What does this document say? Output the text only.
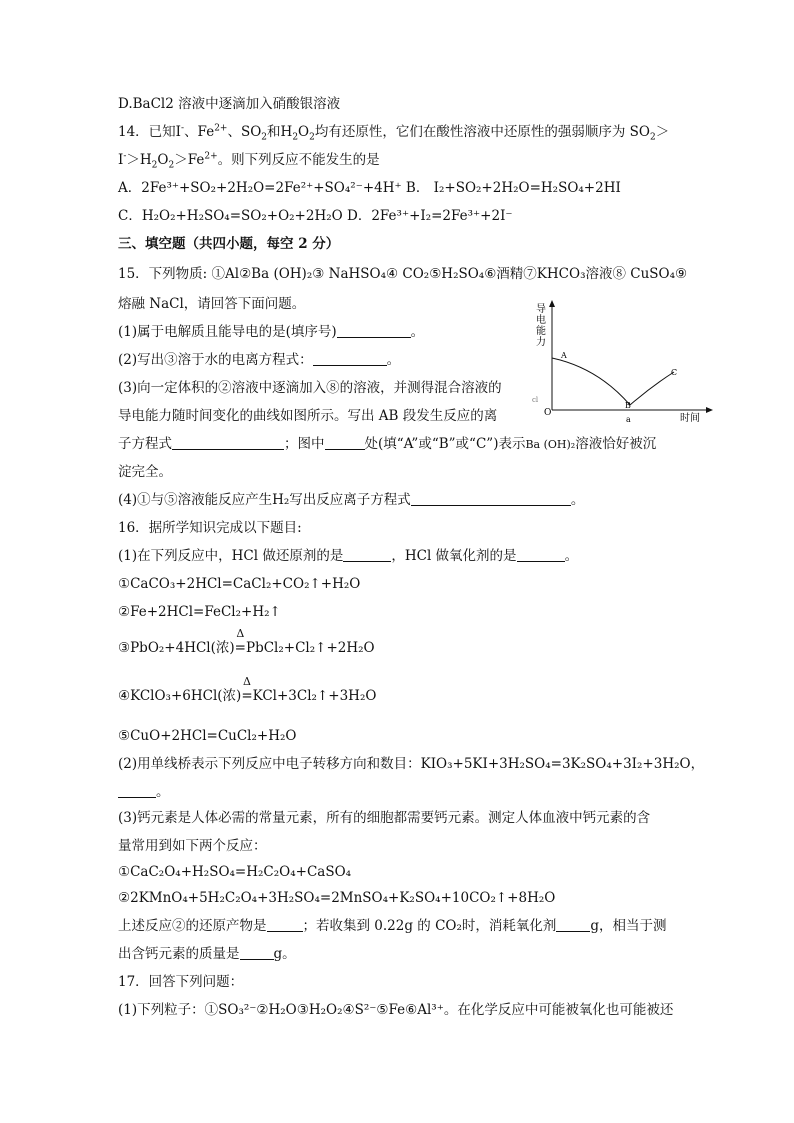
D.BaCl2 溶液中逐滴加入硝酸银溶液
14．已知I-、$Fe^{2+}$、$SO_2$和$H_2O_2$均有还原性，它们在酸性溶液中还原性的强弱顺序为 $SO_2>$
$I^->H_2O_2>Fe^{2+}$。则下列反应不能发生的是
A．2Fe³⁺+SO₂+2H₂O=2Fe²⁺+SO₄²⁻+4H⁺ B． I₂+SO₂+2H₂O=H₂SO₄+2HI
C．H₂O₂+H₂SO₄=SO₂+O₂+2H₂O D．2Fe³⁺+I₂=2Fe³⁺+2I⁻
三、填空题（共四小题，每空 2 分）
15．下列物质: ①Al②Ba (OH)₂③ NaHSO₄④ CO₂⑤H₂SO₄⑥酒精⑦KHCO₃溶液⑧ CuSO₄⑨
熔融 NaCl，请回答下面问题。
(1)属于电解质且能导电的是(填序号)	。
(2)写出③溶于水的电离方程式：	。
(3)向一定体积的②溶液中逐滴加入⑧的溶液，并测得混合溶液的
导电能力随时间变化的曲线如图所示。写出 AB 段发生反应的离
子方程式	；图中	处(填“A”或“B”或“C”)表示Ba (OH)₂溶液恰好被沉
淀完全。
(4)①与⑤溶液能反应产生H₂写出反应离子方程式	。
导
电
能
力
时间
O
cl
A
B
C
a
16．据所学知识完成以下题目:
(1)在下列反应中，HCl 做还原剂的是	，HCl 做氧化剂的是	。
①CaCO₃+2HCl=CaCl₂+CO₂↑+H₂O
②Fe+2HCl=FeCl₂+H₂↑
③PbO₂+4HCl(浓)
Δ
=PbCl₂+Cl₂↑+2H₂O
④KClO₃+6HCl(浓)
Δ
=KCl+3Cl₂↑+3H₂O
⑤CuO+2HCl=CuCl₂+H₂O
(2)用单线桥表示下列反应中电子转移方向和数目：KIO₃+5KI+3H₂SO₄=3K₂SO₄+3I₂+3H₂O，
。
(3)钙元素是人体必需的常量元素，所有的细胞都需要钙元素。测定人体血液中钙元素的含
量常用到如下两个反应：
①CaC₂O₄+H₂SO₄=H₂C₂O₄+CaSO₄
②2KMnO₄+5H₂C₂O₄+3H₂SO₄=2MnSO₄+K₂SO₄+10CO₂↑+8H₂O
上述反应②的还原产物是	；若收集到 0.22g 的 CO₂时，消耗氧化剂	g，相当于测
出含钙元素的质量是	g。
17．回答下列问题：
(1)下列粒子：①SO₃²⁻②H₂O③H₂O₂④S²⁻⑤Fe⑥Al³⁺。在化学反应中可能被氧化也可能被还
